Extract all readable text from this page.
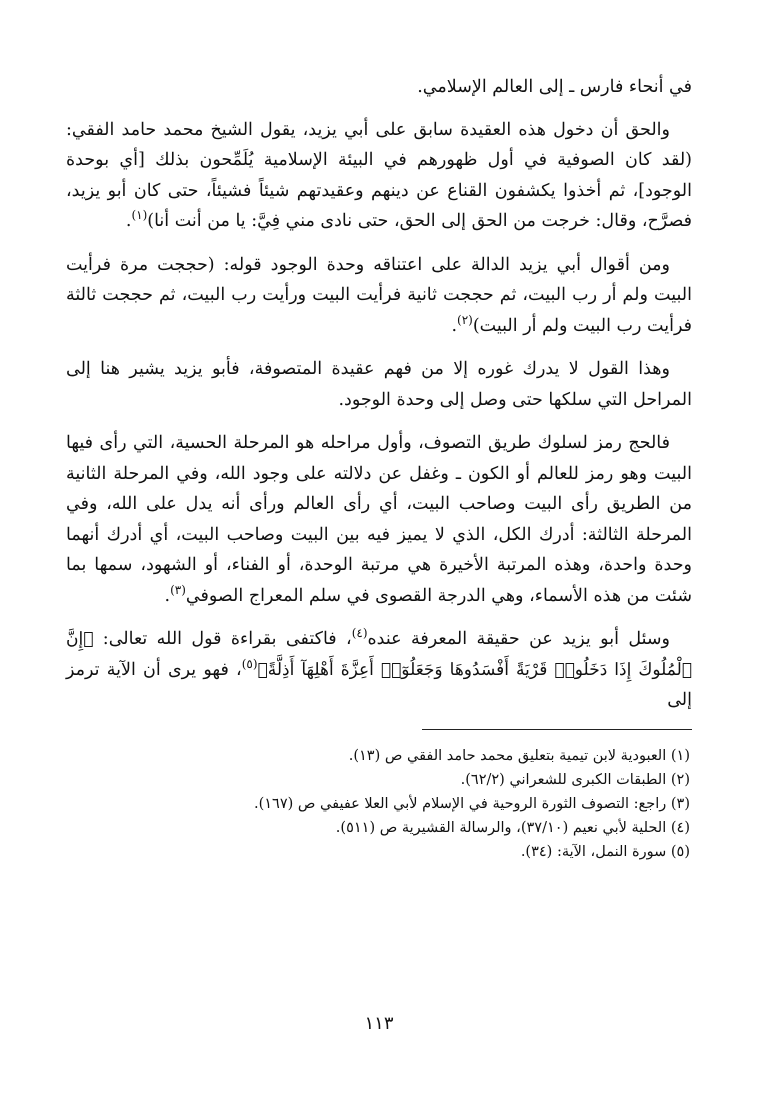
في أنحاء فارس ـ إلى العالم الإسلامي.

والحق أن دخول هذه العقيدة سابق على أبي يزيد، يقول الشيخ محمد حامد الفقي: (لقد كان الصوفية في أول ظهورهم في البيئة الإسلامية يُلَمِّحون بذلك [أي بوحدة الوجود]، ثم أخذوا يكشفون القناع عن دينهم وعقيدتهم شيئاً فشيئاً، حتى كان أبو يزيد، فصرَّح، وقال: خرجت من الحق إلى الحق، حتى نادى مني فِيَّ: يا من أنت أنا)$^{(١)}$.

ومن أقوال أبي يزيد الدالة على اعتناقه وحدة الوجود قوله: (حججت مرة فرأيت البيت ولم أر رب البيت، ثم حججت ثانية فرأيت البيت ورأيت رب البيت، ثم حججت ثالثة فرأيت رب البيت ولم أر البيت)$^{(٢)}$.

وهذا القول لا يدرك غوره إلا من فهم عقيدة المتصوفة، فأبو يزيد يشير هنا إلى المراحل التي سلكها حتى وصل إلى وحدة الوجود.

فالحج رمز لسلوك طريق التصوف، وأول مراحله هو المرحلة الحسية، التي رأى فيها البيت وهو رمز للعالم أو الكون ـ وغفل عن دلالته على وجود الله، وفي المرحلة الثانية من الطريق رأى البيت وصاحب البيت، أي رأى العالم ورأى أنه يدل على الله، وفي المرحلة الثالثة: أدرك الكل، الذي لا يميز فيه بين البيت وصاحب البيت، أي أدرك أنهما وحدة واحدة، وهذه المرتبة الأخيرة هي مرتبة الوحدة، أو الفناء، أو الشهود، سمها بما شئت من هذه الأسماء، وهي الدرجة القصوى في سلم المعراج الصوفي$^{(٣)}$.

وسئل أبو يزيد عن حقيقة المعرفة عنده$^{(٤)}$، فاكتفى بقراءة قول الله تعالى: ﴿إِنَّ ٱلْمُلُوكَ إِذَا دَخَلُوا۟ قَرْيَةً أَفْسَدُوهَا وَجَعَلُوٓا۟ أَعِزَّةَ أَهْلِهَآ أَذِلَّةً﴾$^{(٥)}$، فهو يرى أن الآية ترمز إلى

(١) العبودية لابن تيمية بتعليق محمد حامد الفقي ص (١٣).

(٢) الطبقات الكبرى للشعراني (٦٢/٢).

(٣) راجع: التصوف الثورة الروحية في الإسلام لأبي العلا عفيفي ص (١٦٧).

(٤) الحلية لأبي نعيم (٣٧/١٠)، والرسالة القشيرية ص (٥١١).

(٥) سورة النمل، الآية: (٣٤).

١١٣
